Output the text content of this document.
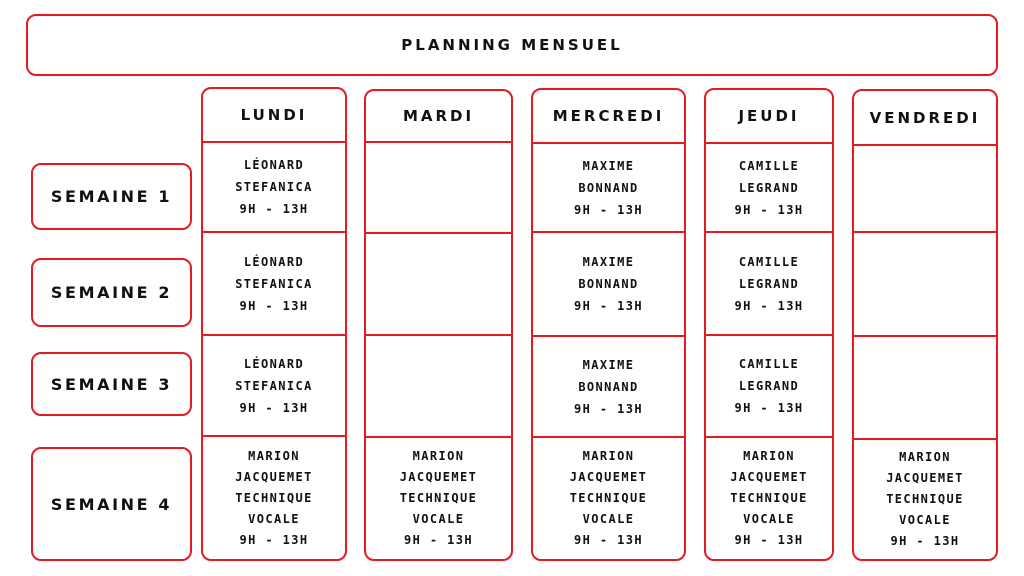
PLANNING MENSUEL
SEMAINE 1
SEMAINE 2
SEMAINE 3
SEMAINE 4
LUNDI
LÉONARD
STEFANICA
9H - 13H
LÉONARD
STEFANICA
9H - 13H
LÉONARD
STEFANICA
9H - 13H
MARION
JACQUEMET
TECHNIQUE
VOCALE
9H - 13H
MARDI
MARION
JACQUEMET
TECHNIQUE
VOCALE
9H - 13H
MERCREDI
MAXIME
BONNAND
9H - 13H
MAXIME
BONNAND
9H - 13H
MAXIME
BONNAND
9H - 13H
MARION
JACQUEMET
TECHNIQUE
VOCALE
9H - 13H
JEUDI
CAMILLE
LEGRAND
9H - 13H
CAMILLE
LEGRAND
9H - 13H
CAMILLE
LEGRAND
9H - 13H
MARION
JACQUEMET
TECHNIQUE
VOCALE
9H - 13H
VENDREDI
MARION
JACQUEMET
TECHNIQUE
VOCALE
9H - 13H
